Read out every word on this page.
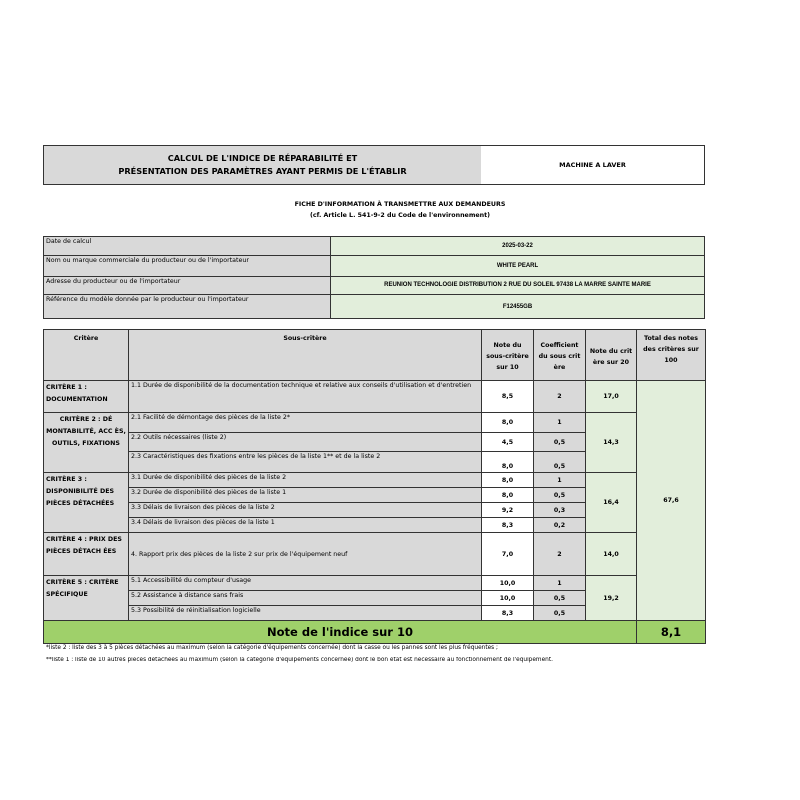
CALCUL DE L'INDICE DE RÉPARABILITÉ ET
PRÉSENTATION DES PARAMÈTRES AYANT PERMIS DE L'ÉTABLIR
MACHINE A LAVER
FICHE D'INFORMATION À TRANSMETTRE AUX DEMANDEURS
(cf. Article L. 541-9-2 du Code de l'environnement)
Date de calcul	2025-03-22
Nom ou marque commerciale du producteur ou de l'importateur	WHITE PEARL
Adresse du producteur ou de l'importateur	REUNION TECHNOLOGIE DISTRIBUTION 2 RUE DU SOLEIL 97438 LA MARRE SAINTE MARIE
Référence du modèle donnée par le producteur ou l'importateur	F12455GB
Critère	Sous-critère	Note du sous-critère sur 10	Coefficient du sous crit ère	Note du crit ère sur 20	Total des notes des critères sur 100
CRITÈRE 1 : DOCUMENTATION	1.1 Durée de disponibilité de la documentation technique et relative aux conseils d'utilisation et d'entretien	8,5	2	17,0	67,6
CRITÈRE 2 : DÉ MONTABILITÉ, ACC ÈS, OUTILS, FIXATIONS	2.1 Facilité de démontage des pièces de la liste 2*	8,0	1	14,3	
	2.2 Outils nécessaires (liste 2)	4,5	0,5		
	2.3 Caractéristiques des fixations entre les pièces de la liste 1** et de la liste 2	8,0	0,5		
CRITÈRE 3 : DISPONIBILITÉ DES PIÈCES DÉTACHÉES	3.1 Durée de disponibilité des pièces de la liste 2	8,0	1	16,4	
	3.2 Durée de disponibilité des pièces de la liste 1	8,0	0,5		
	3.3 Délais de livraison des pièces de la liste 2	9,2	0,3		
	3.4 Délais de livraison des pièces de la liste 1	8,3	0,2		
CRITÈRE 4 : PRIX DES PIÈCES DÉTACH ÉES	4. Rapport prix des pièces de la liste 2 sur prix de l'équipement neuf	7,0	2	14,0	
CRITÈRE 5 : CRITÈRE SPÉCIFIQUE	5.1 Accessibilité du compteur d'usage	10,0	1	19,2	
	5.2 Assistance à distance sans frais	10,0	0,5		
	5.3 Possibilité de réinitialisation logicielle	8,3	0,5		
Note de l'indice sur 10					8,1
*liste 2 : liste des 3 à 5 pièces détachées au maximum (selon la catégorie d'équipements concernée) dont la casse ou les pannes sont les plus fréquentes ;
**liste 1 : liste de 10 autres pièces détachées au maximum (selon la catégorie d'équipements concernée) dont le bon état est nécessaire au fonctionnement de l'équipement.
